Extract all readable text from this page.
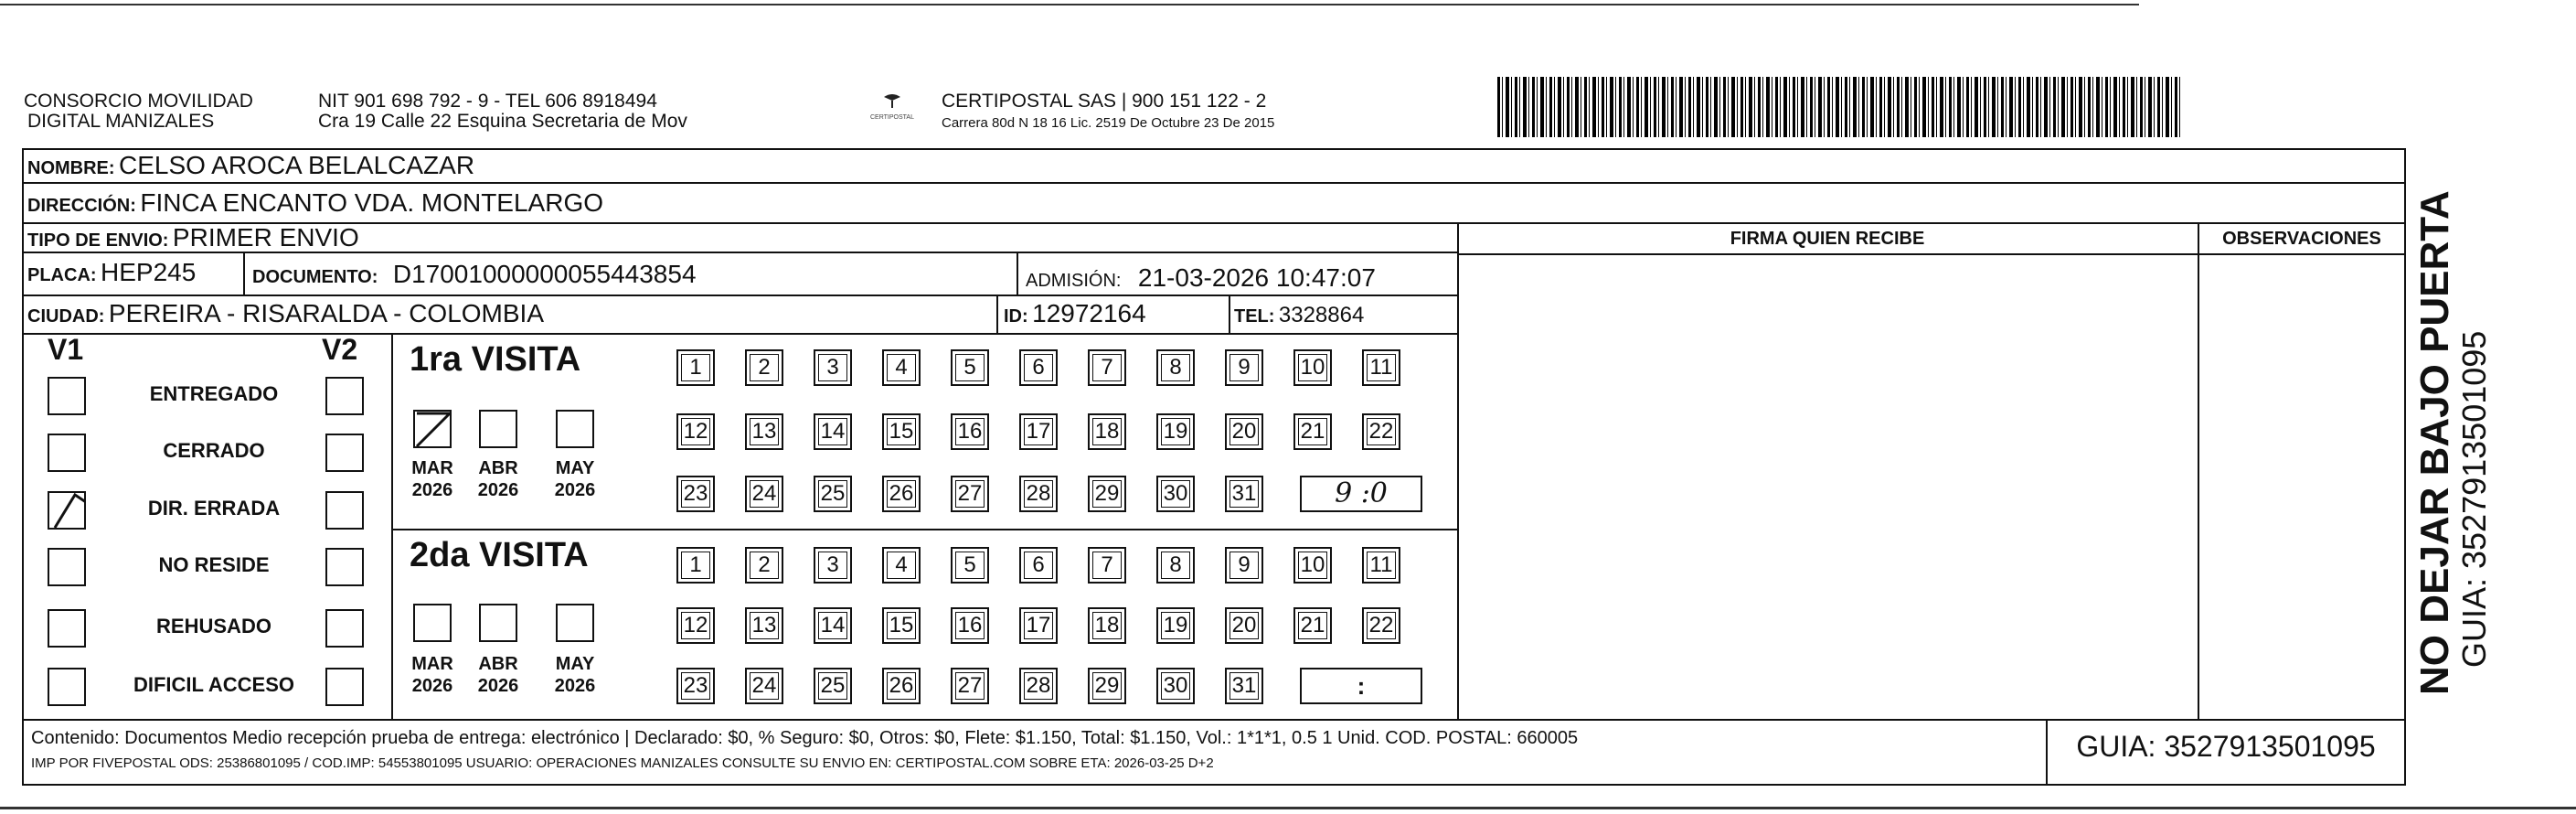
CONSORCIO MOVILIDAD
DIGITAL MANIZALES
NIT 901 698 792 - 9 - TEL 606 8918494
Cra 19 Calle 22 Esquina Secretaria de Mov	CERTIPOSTAL
CERTIPOSTAL SAS | 900 151 122 - 2
Carrera 80d N 18 16 Lic. 2519 De Octubre 23 De 2015
NOMBRE: CELSO AROCA BELALCAZAR
DIRECCIÓN: FINCA ENCANTO VDA. MONTELARGO
TIPO DE ENVIO: PRIMER ENVIO
PLACA: HEP245	DOCUMENTO: D17001000000055443854	ADMISIÓN: 21-03-2026 10:47:07
CIUDAD: PEREIRA - RISARALDA - COLOMBIA	ID: 12972164	TEL: 3328864
FIRMA QUIEN RECIBE	OBSERVACIONES
V1	V2
ENTREGADO
CERRADO
DIR. ERRADA
NO RESIDE
REHUSADO
DIFICIL ACCESO
1ra VISITA
2da VISITA
MAR
2026
ABR
2026
MAY
2026
MAR
2026
ABR
2026
MAY
2026
1	2	3	4	5	6	7	8	9	10	11
12	13	14	15	16	17	18	19	20	21	22
23	24	25	26	27	28	29	30	31	9 :0
1	2	3	4	5	6	7	8	9	10	11
12	13	14	15	16	17	18	19	20	21	22
23	24	25	26	27	28	29	30	31	:
Contenido: Documentos Medio recepción prueba de entrega: electrónico | Declarado: $0, % Seguro: $0, Otros: $0, Flete: $1.150, Total: $1.150, Vol.: 1*1*1, 0.5 1 Unid. COD. POSTAL: 660005
IMP POR FIVEPOSTAL ODS: 25386801095 / COD.IMP: 54553801095 USUARIO: OPERACIONES MANIZALES CONSULTE SU ENVIO EN: CERTIPOSTAL.COM SOBRE ETA: 2026-03-25 D+2
GUIA: 3527913501095
NO DEJAR BAJO PUERTA
GUIA: 3527913501095
